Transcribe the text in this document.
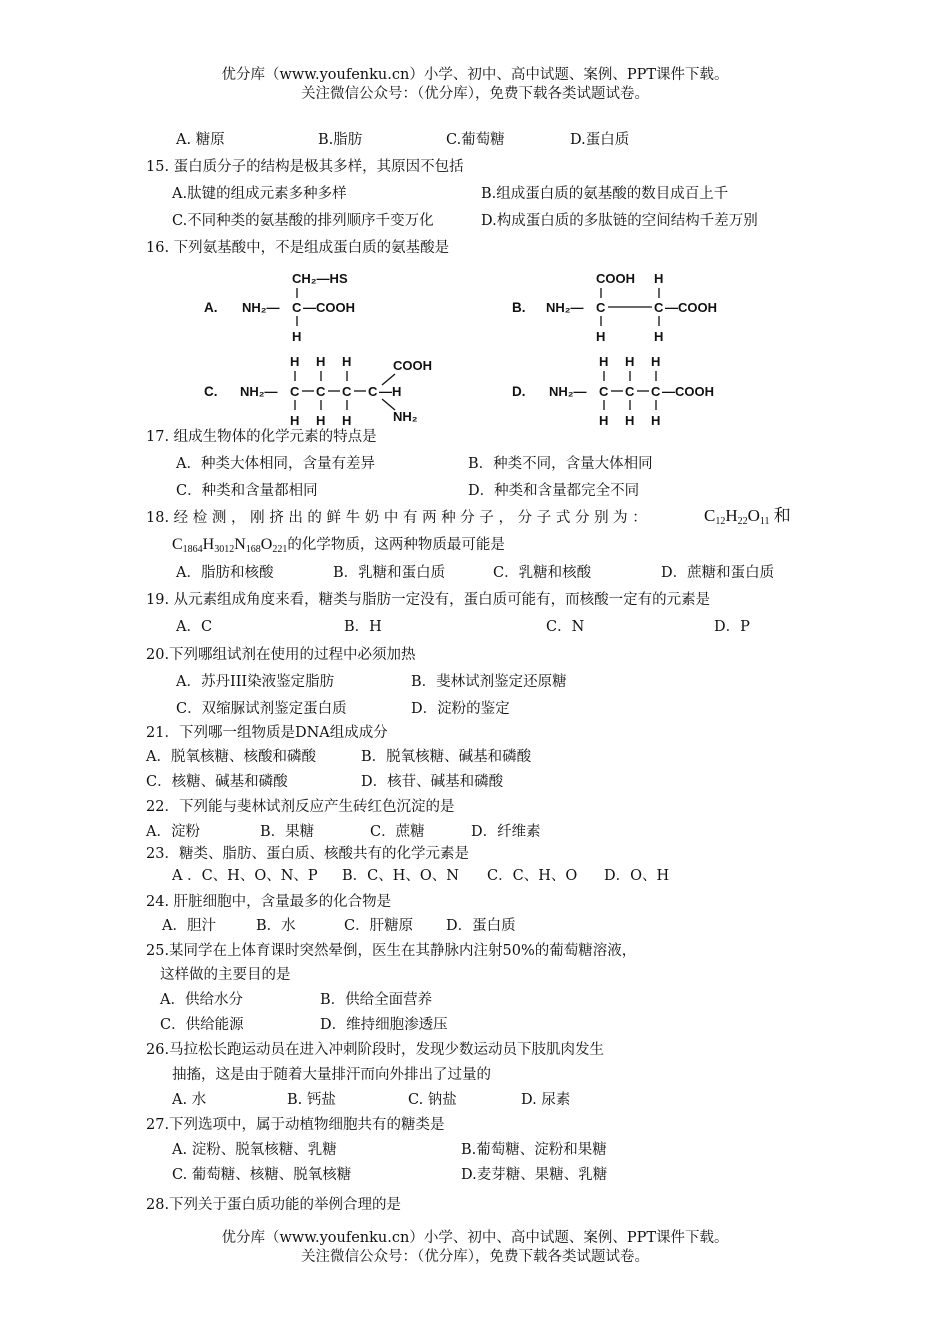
优分库（www.youfenku.cn）小学、初中、高中试题、案例、PPT课件下载。
关注微信公众号：（优分库），免费下载各类试题试卷。
A. 糖原	B.脂肪	C.葡萄糖	D.蛋白质
15. 蛋白质分子的结构是极其多样，其原因不包括
A.肽键的组成元素多种多样	B.组成蛋白质的氨基酸的数目成百上千
C.不同种类的氨基酸的排列顺序千变万化	D.构成蛋白质的多肽链的空间结构千差万别
16. 下列氨基酸中，不是组成蛋白质的氨基酸是
A.
CH₂—HS
NH₂— C —COOH
H
B.
COOH H
NH₂— C	C —COOH
H	H
C.
H H H	COOH
NH₂— C C C C —H
H H H	NH₂
D.
H H H
NH₂— C C C —COOH
H H H
17. 组成生物体的化学元素的特点是
A．种类大体相同，含量有差异	B．种类不同，含量大体相同
C．种类和含量都相同	D．种类和含量都完全不同
18. 经 检 测 ， 刚 挤 出 的 鲜 牛 奶 中 有 两 种 分 子 ， 分 子 式 分 别 为 ：	$C_{12}H_{22}O_{11}$ 和
$C_{1864}H_{3012}N_{168}O_{221}$的化学物质，这两种物质最可能是
A．脂肪和核酸	B．乳糖和蛋白质	C．乳糖和核酸	D．蔗糖和蛋白质
19. 从元素组成角度来看，糖类与脂肪一定没有，蛋白质可能有，而核酸一定有的元素是
A．C	B．H	C．N	D．P
20.下列哪组试剂在使用的过程中必须加热
A．苏丹III染液鉴定脂肪	B．斐林试剂鉴定还原糖
C．双缩脲试剂鉴定蛋白质	D．淀粉的鉴定
21．下列哪一组物质是DNA组成成分
A．脱氧核糖、核酸和磷酸	B．脱氧核糖、碱基和磷酸
C．核糖、碱基和磷酸	D．核苷、碱基和磷酸
22．下列能与斐林试剂反应产生砖红色沉淀的是
A．淀粉	B．果糖	C．蔗糖	D．纤维素
23．糖类、脂肪、蛋白质、核酸共有的化学元素是
A ．C、H、O、N、P B．C、H、O、N C．C、H、O D．O、H
24. 肝脏细胞中，含量最多的化合物是
A．胆汁	B．水	C．肝糖原 D．蛋白质
25.某同学在上体育课时突然晕倒，医生在其静脉内注射50%的葡萄糖溶液，
这样做的主要目的是
A．供给水分	B．供给全面营养
C．供给能源	D．维持细胞渗透压
26.马拉松长跑运动员在进入冲刺阶段时，发现少数运动员下肢肌肉发生
抽搐，这是由于随着大量排汗而向外排出了过量的
A. 水	B. 钙盐	C. 钠盐	D. 尿素
27.下列选项中，属于动植物细胞共有的糖类是
A. 淀粉、脱氧核糖、乳糖	B.葡萄糖、淀粉和果糖
C. 葡萄糖、核糖、脱氧核糖	D.麦芽糖、果糖、乳糖
28.下列关于蛋白质功能的举例合理的是
优分库（www.youfenku.cn）小学、初中、高中试题、案例、PPT课件下载。
关注微信公众号：（优分库），免费下载各类试题试卷。
